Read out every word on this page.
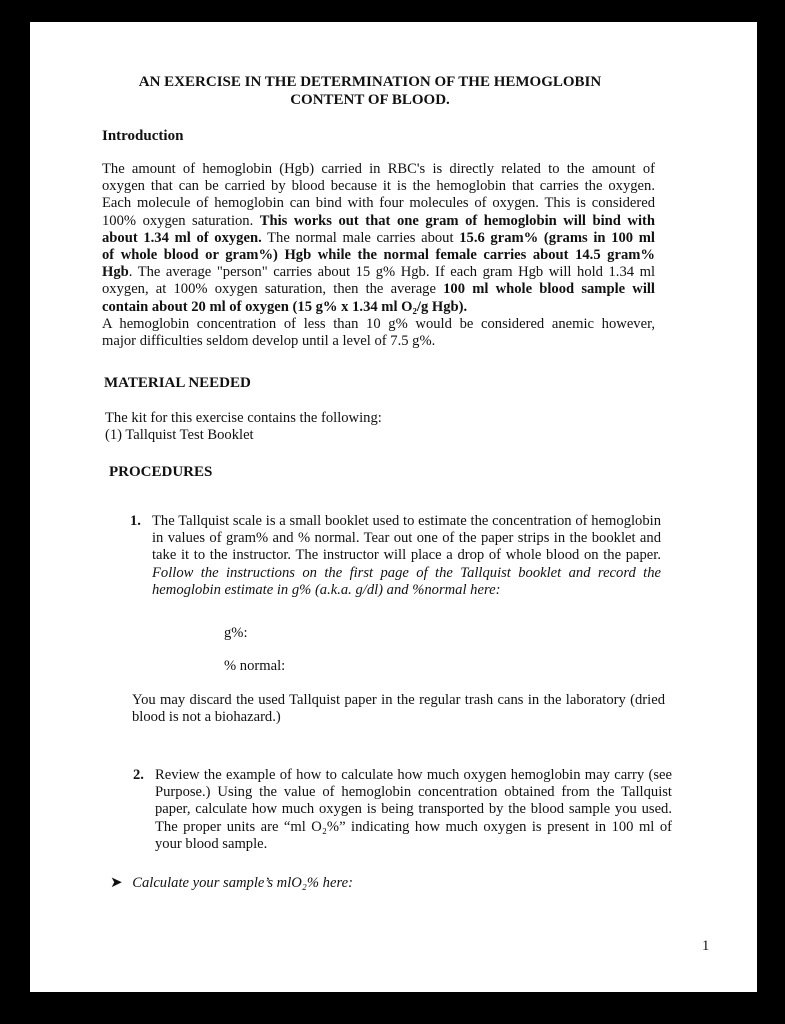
AN EXERCISE IN THE DETERMINATION OF THE HEMOGLOBIN
CONTENT OF BLOOD.
Introduction
The amount of hemoglobin (Hgb) carried in RBC's is directly related to the amount of
oxygen that can be carried by blood because it is the hemoglobin that carries the oxygen.
Each molecule of hemoglobin can bind with four molecules of oxygen. This is considered
100% oxygen saturation. This works out that one gram of hemoglobin will bind with
about 1.34 ml of oxygen. The normal male carries about 15.6 gram% (grams in 100 ml
of whole blood or gram%) Hgb while the normal female carries about 14.5 gram%
Hgb. The average "person" carries about 15 g% Hgb. If each gram Hgb will hold 1.34 ml
oxygen, at 100% oxygen saturation, then the average 100 ml whole blood sample will
contain about 20 ml of oxygen (15 g% x 1.34 ml O₂/g Hgb).
A hemoglobin concentration of less than 10 g% would be considered anemic however,
major difficulties seldom develop until a level of 7.5 g%.
MATERIAL NEEDED
The kit for this exercise contains the following:
(1) Tallquist Test Booklet
PROCEDURES
1. The Tallquist scale is a small booklet used to estimate the concentration of hemoglobin in values of gram% and % normal. Tear out one of the paper strips in the booklet and take it to the instructor. The instructor will place a drop of whole blood on the paper. Follow the instructions on the first page of the Tallquist booklet and record the hemoglobin estimate in g% (a.k.a. g/dl) and %normal here:
g%:
% normal:
You may discard the used Tallquist paper in the regular trash cans in the laboratory (dried blood is not a biohazard.)
2. Review the example of how to calculate how much oxygen hemoglobin may carry (see Purpose.) Using the value of hemoglobin concentration obtained from the Tallquist paper, calculate how much oxygen is being transported by the blood sample you used. The proper units are “ml O₂%” indicating how much oxygen is present in 100 ml of your blood sample.
➤ Calculate your sample’s mlO₂% here:
1
